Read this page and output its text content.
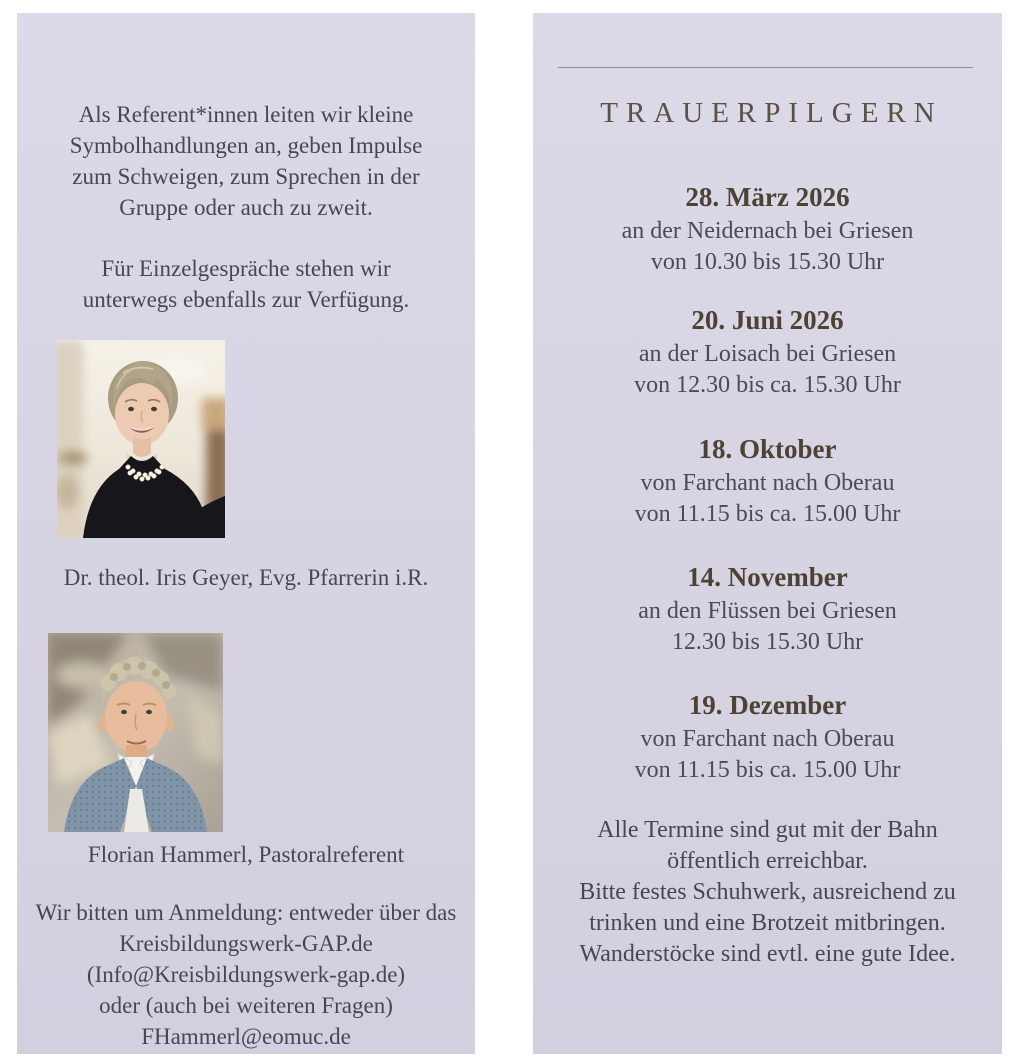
Als Referent*innen leiten wir kleine
Symbolhandlungen an, geben Impulse
zum Schweigen, zum Sprechen in der
Gruppe oder auch zu zweit.
Für Einzelgespräche stehen wir
unterwegs ebenfalls zur Verfügung.
Dr. theol. Iris Geyer, Evg. Pfarrerin i.R.
Florian Hammerl, Pastoralreferent
Wir bitten um Anmeldung: entweder über das
Kreisbildungswerk-GAP.de
(Info@Kreisbildungswerk-gap.de)
oder (auch bei weiteren Fragen)
FHammerl@eomuc.de
TRAUERPILGERN
28. März 2026
an der Neidernach bei Griesen
von 10.30 bis 15.30 Uhr
20. Juni 2026
an der Loisach bei Griesen
von 12.30 bis ca. 15.30 Uhr
18. Oktober
von Farchant nach Oberau
von 11.15 bis ca. 15.00 Uhr
14. November
an den Flüssen bei Griesen
12.30 bis 15.30 Uhr
19. Dezember
von Farchant nach Oberau
von 11.15 bis ca. 15.00 Uhr
Alle Termine sind gut mit der Bahn
öffentlich erreichbar.
Bitte festes Schuhwerk, ausreichend zu
trinken und eine Brotzeit mitbringen.
Wanderstöcke sind evtl. eine gute Idee.
